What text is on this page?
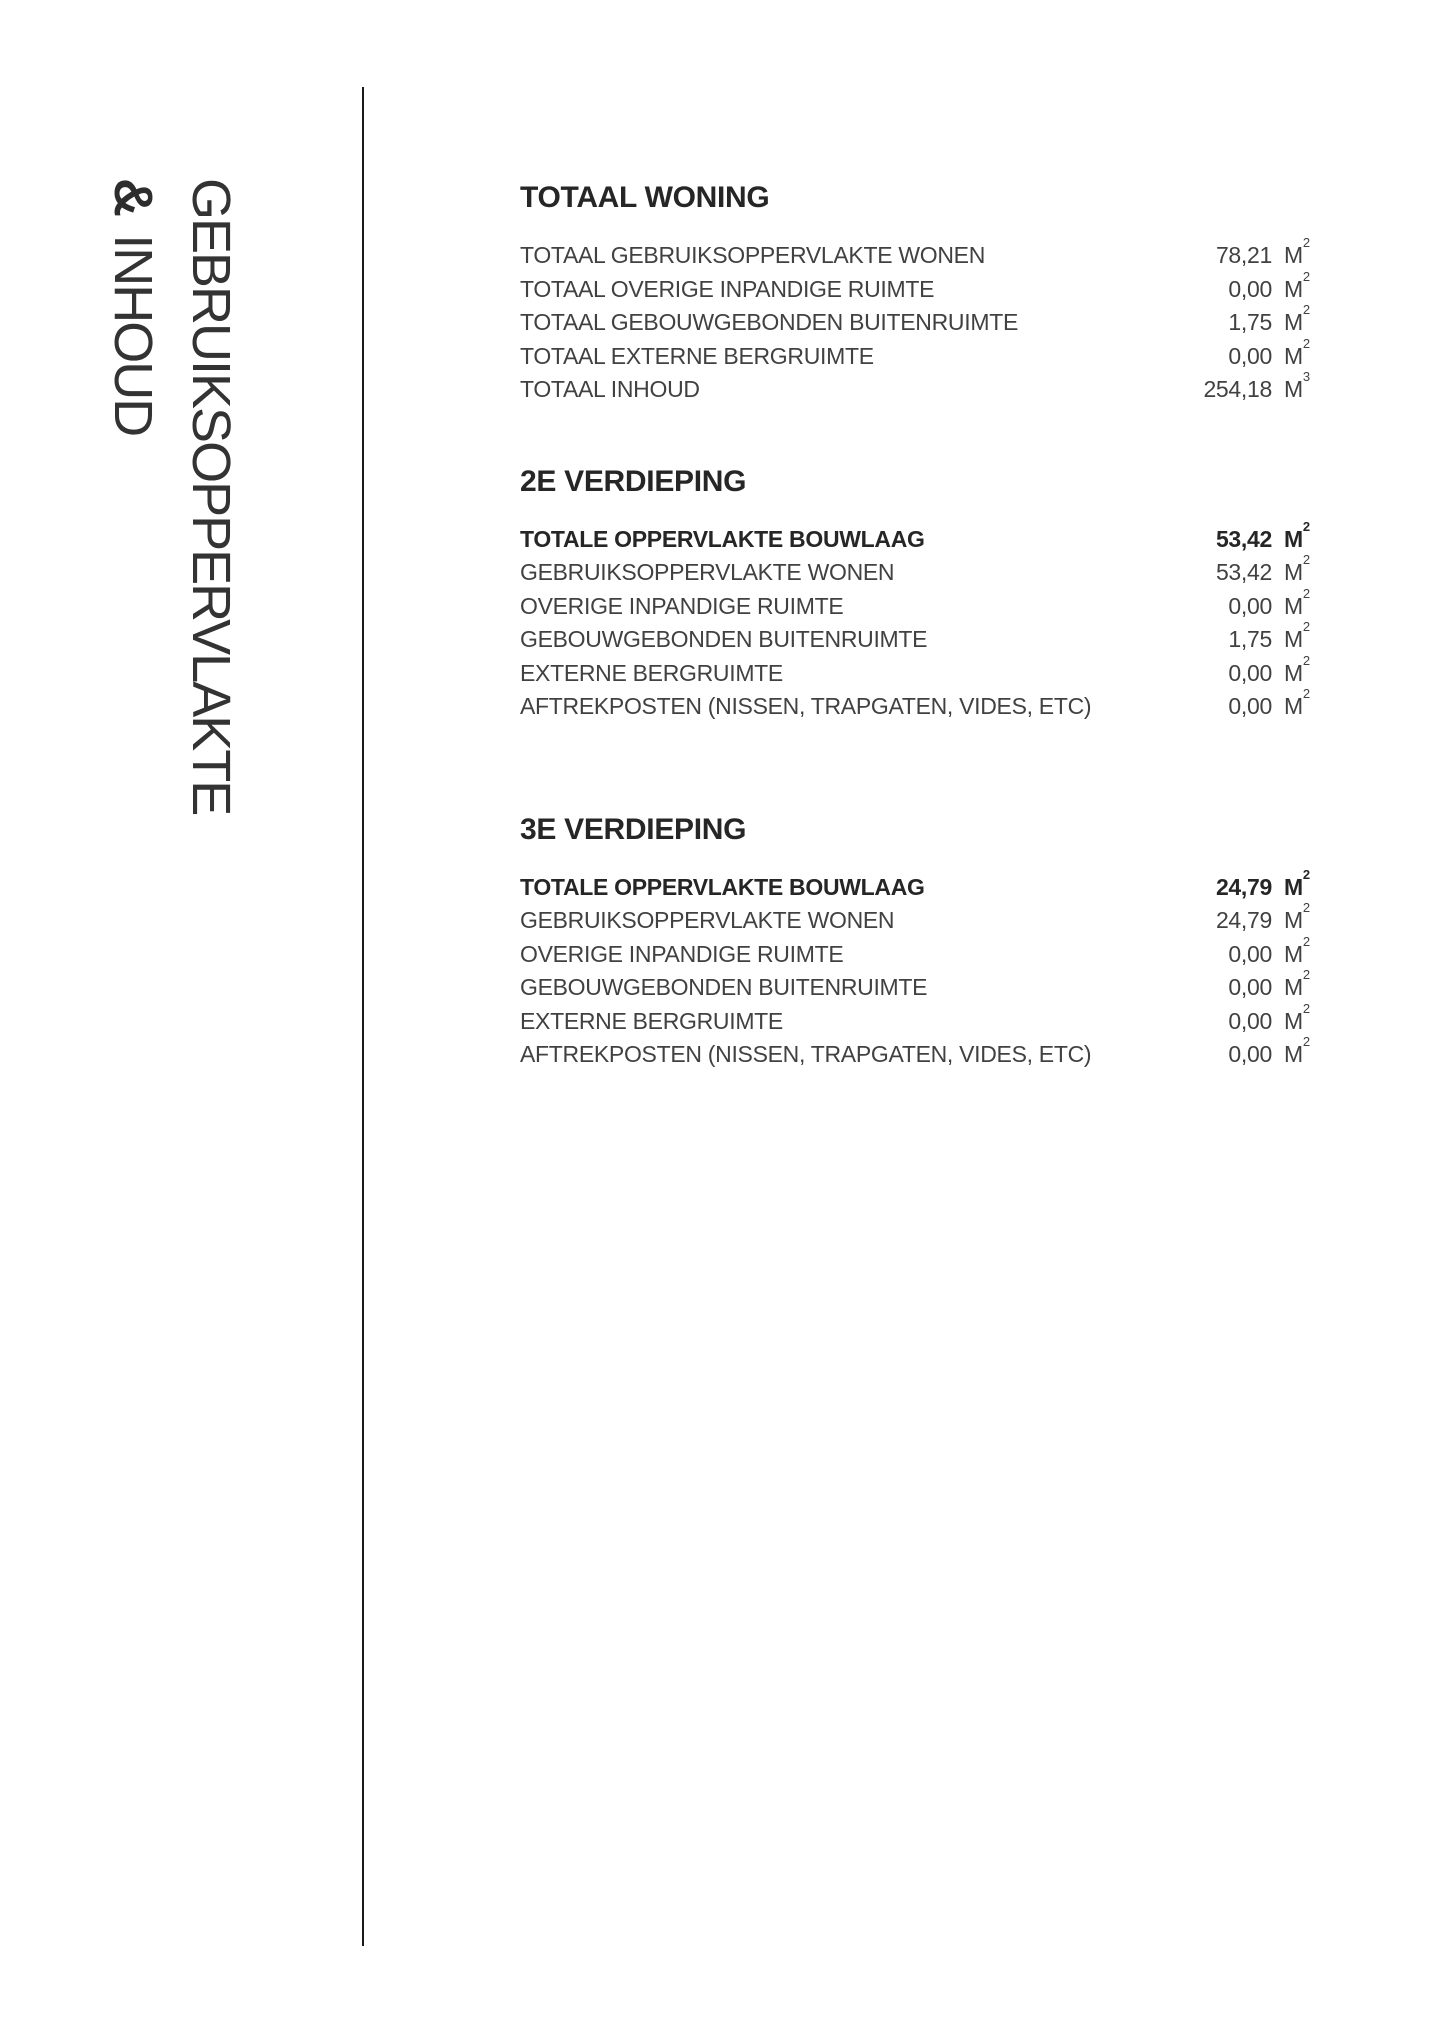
GEBRUIKSOPPERVLAKTE
&INHOUD
TOTAAL WONING
TOTAAL GEBRUIKSOPPERVLAKTE WONEN	78,21 $M^2$
TOTAAL OVERIGE INPANDIGE RUIMTE	0,00 $M^2$
TOTAAL GEBOUWGEBONDEN BUITENRUIMTE	1,75 $M^2$
TOTAAL EXTERNE BERGRUIMTE	0,00 $M^2$
TOTAAL INHOUD	254,18 $M^3$
2E VERDIEPING
TOTALE OPPERVLAKTE BOUWLAAG	53,42 $M^2$
GEBRUIKSOPPERVLAKTE WONEN	53,42 $M^2$
OVERIGE INPANDIGE RUIMTE	0,00 $M^2$
GEBOUWGEBONDEN BUITENRUIMTE	1,75 $M^2$
EXTERNE BERGRUIMTE	0,00 $M^2$
AFTREKPOSTEN (NISSEN, TRAPGATEN, VIDES, ETC)	0,00 $M^2$
3E VERDIEPING
TOTALE OPPERVLAKTE BOUWLAAG	24,79 $M^2$
GEBRUIKSOPPERVLAKTE WONEN	24,79 $M^2$
OVERIGE INPANDIGE RUIMTE	0,00 $M^2$
GEBOUWGEBONDEN BUITENRUIMTE	0,00 $M^2$
EXTERNE BERGRUIMTE	0,00 $M^2$
AFTREKPOSTEN (NISSEN, TRAPGATEN, VIDES, ETC)	0,00 $M^2$
